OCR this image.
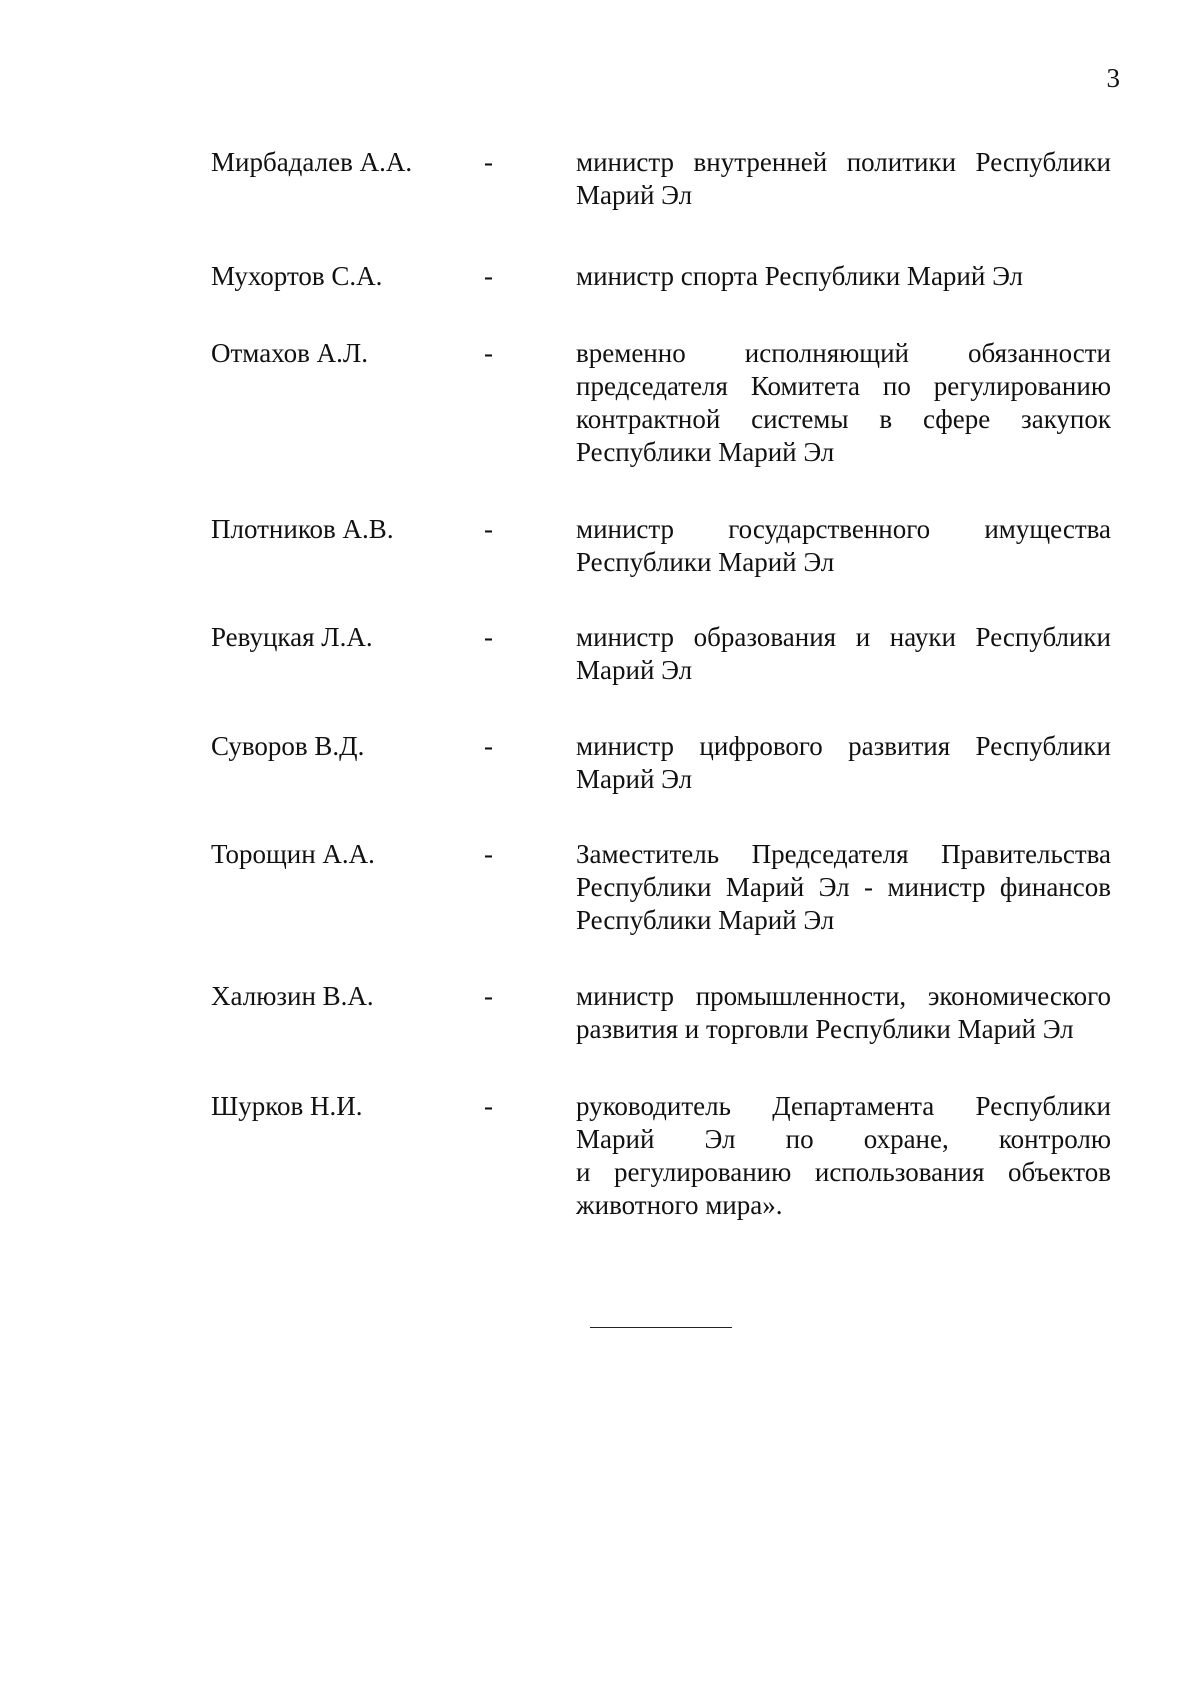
3
Мирбадалев А.А.	-	министр внутренней политики Республики
Марий Эл
Мухортов С.А.	-	министр спорта Республики Марий Эл
Отмахов А.Л.	-	временно исполняющий обязанности
председателя Комитета по регулированию
контрактной системы в сфере закупок
Республики Марий Эл
Плотников А.В.	-	министр государственного имущества
Республики Марий Эл
Ревуцкая Л.А.	-	министр образования и науки Республики
Марий Эл
Суворов В.Д.	-	министр цифрового развития Республики
Марий Эл
Торощин А.А.	-	Заместитель Председателя Правительства
Республики Марий Эл - министр финансов
Республики Марий Эл
Халюзин В.А.	-	министр промышленности, экономического
развития и торговли Республики Марий Эл
Шурков Н.И.	-	руководитель Департамента Республики
Марий Эл по охране, контролю
и регулированию использования объектов
животного мира».
